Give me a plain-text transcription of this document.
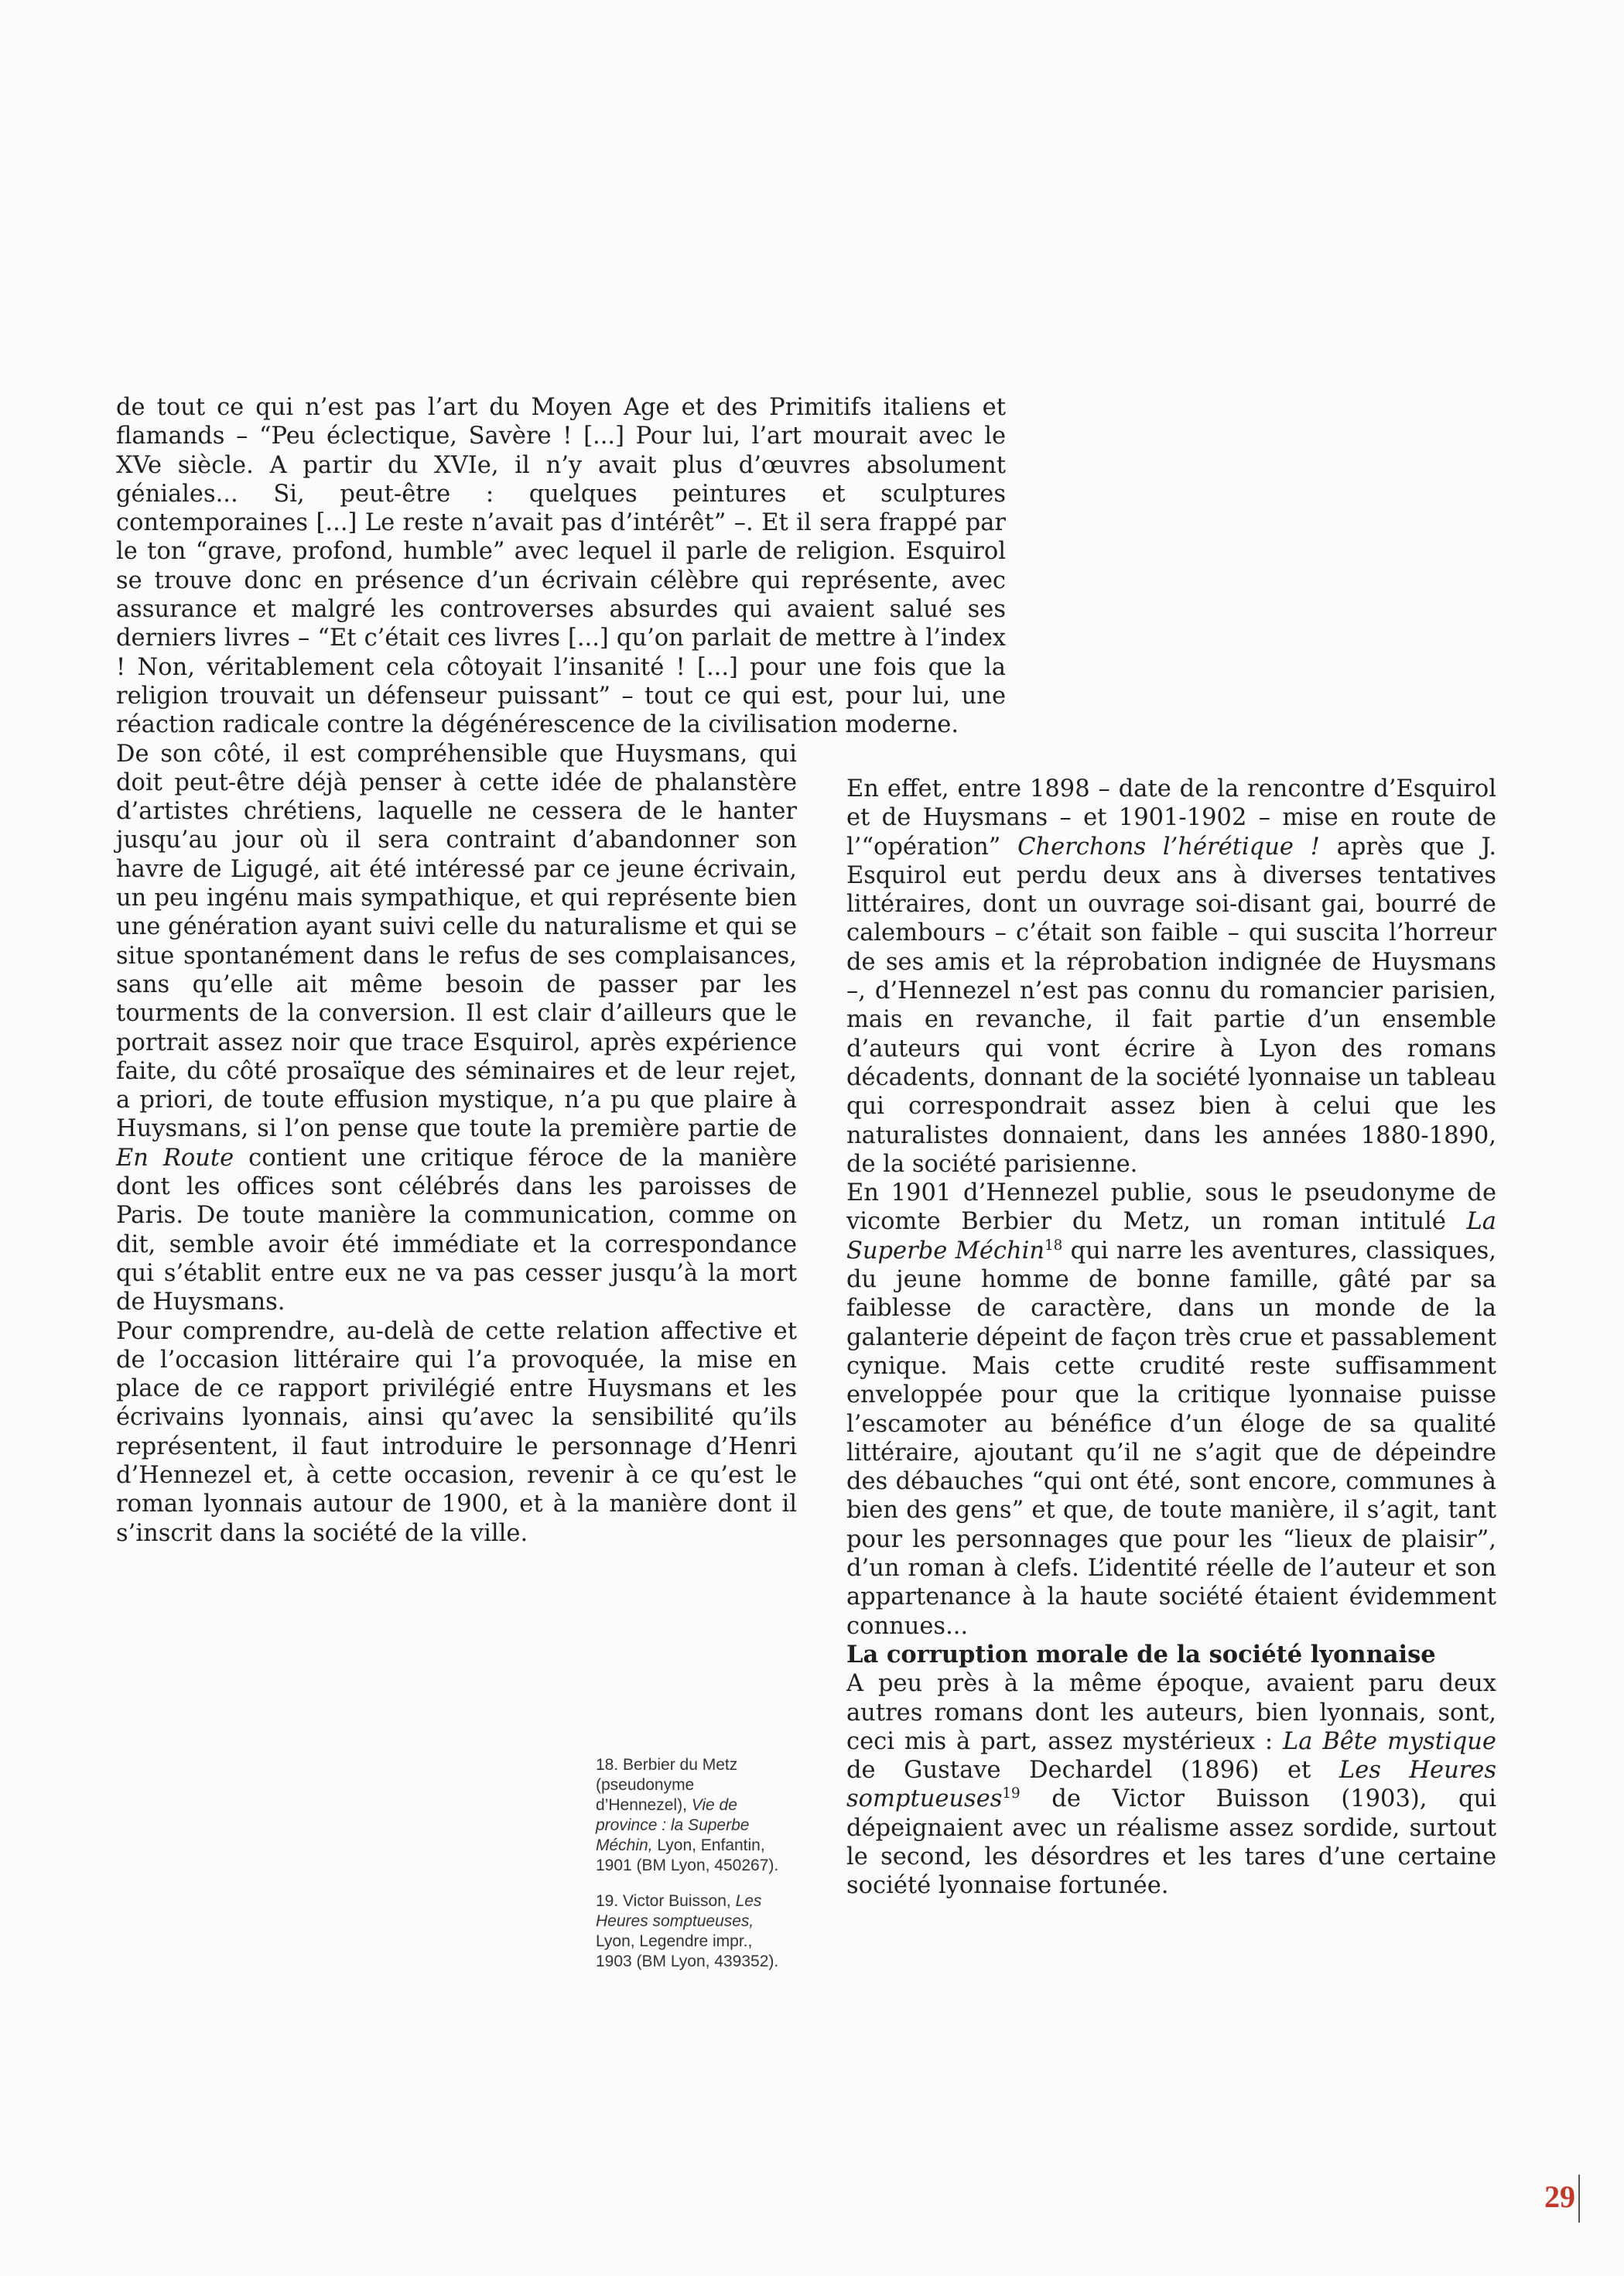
de tout ce qui n’est pas l’art du Moyen Age et des Primitifs italiens et flamands – “Peu éclectique, Savère ! [...] Pour lui, l’art mourait avec le XVe siècle. A partir du XVIe, il n’y avait plus d’œuvres absolument géniales... Si, peut-être : quelques peintures et sculptures contemporaines [...] Le reste n’avait pas d’intérêt” –. Et il sera frappé par le ton “grave, profond, humble” avec lequel il parle de religion. Esquirol se trouve donc en présence d’un écrivain célèbre qui représente, avec assurance et malgré les controverses absurdes qui avaient salué ses derniers livres – “Et c’était ces livres [...] qu’on parlait de mettre à l’index ! Non, véritablement cela côtoyait l’insanité ! [...] pour une fois que la religion trouvait un défenseur puissant” – tout ce qui est, pour lui, une réaction radicale contre la dégénérescence de la civilisation moderne.

De son côté, il est compréhensible que Huysmans, qui doit peut-être déjà penser à cette idée de phalanstère d’artistes chrétiens, laquelle ne cessera de le hanter jusqu’au jour où il sera contraint d’abandonner son havre de Ligugé, ait été intéressé par ce jeune écrivain, un peu ingénu mais sympathique, et qui représente bien une génération ayant suivi celle du naturalisme et qui se situe spontanément dans le refus de ses complaisances, sans qu’elle ait même besoin de passer par les tourments de la conversion. Il est clair d’ailleurs que le portrait assez noir que trace Esquirol, après expérience faite, du côté prosaïque des séminaires et de leur rejet, a priori, de toute effusion mystique, n’a pu que plaire à Huysmans, si l’on pense que toute la première partie de En Route contient une critique féroce de la manière dont les offices sont célébrés dans les paroisses de Paris. De toute manière la communication, comme on dit, semble avoir été immédiate et la correspondance qui s’établit entre eux ne va pas cesser jusqu’à la mort de Huysmans.

Pour comprendre, au-delà de cette relation affective et de l’occasion littéraire qui l’a provoquée, la mise en place de ce rapport privilégié entre Huysmans et les écrivains lyonnais, ainsi qu’avec la sensibilité qu’ils représentent, il faut introduire le personnage d’Henri d’Hennezel et, à cette occasion, revenir à ce qu’est le roman lyonnais autour de 1900, et à la manière dont il s’inscrit dans la société de la ville.

En effet, entre 1898 – date de la rencontre d’Esquirol et de Huysmans – et 1901-1902 – mise en route de l’“opération” Cherchons l’hérétique ! après que J. Esquirol eut perdu deux ans à diverses tentatives littéraires, dont un ouvrage soi-disant gai, bourré de calembours – c’était son faible – qui suscita l’horreur de ses amis et la réprobation indignée de Huysmans –, d’Hennezel n’est pas connu du romancier parisien, mais en revanche, il fait partie d’un ensemble d’auteurs qui vont écrire à Lyon des romans décadents, donnant de la société lyonnaise un tableau qui correspondrait assez bien à celui que les naturalistes donnaient, dans les années 1880-1890, de la société parisienne.

En 1901 d’Hennezel publie, sous le pseudonyme de vicomte Berbier du Metz, un roman intitulé La Superbe Méchin$^{18}$ qui narre les aventures, classiques, du jeune homme de bonne famille, gâté par sa faiblesse de caractère, dans un monde de la galanterie dépeint de façon très crue et passablement cynique. Mais cette crudité reste suffisamment enveloppée pour que la critique lyonnaise puisse l’escamoter au bénéfice d’un éloge de sa qualité littéraire, ajoutant qu’il ne s’agit que de dépeindre des débauches “qui ont été, sont encore, communes à bien des gens” et que, de toute manière, il s’agit, tant pour les personnages que pour les “lieux de plaisir”, d’un roman à clefs. L’identité réelle de l’auteur et son appartenance à la haute société étaient évidemment connues...

La corruption morale de la société lyonnaise

A peu près à la même époque, avaient paru deux autres romans dont les auteurs, bien lyonnais, sont, ceci mis à part, assez mystérieux : La Bête mystique de Gustave Dechardel (1896) et Les Heures somptueuses$^{19}$ de Victor Buisson (1903), qui dépeignaient avec un réalisme assez sordide, surtout le second, les désordres et les tares d’une certaine société lyonnaise fortunée.

18. Berbier du Metz (pseudonyme d’Hennezel), Vie de province : la Superbe Méchin, Lyon, Enfantin, 1901 (BM Lyon, 450267).

19. Victor Buisson, Les Heures somptueuses, Lyon, Legendre impr., 1903 (BM Lyon, 439352).

29
